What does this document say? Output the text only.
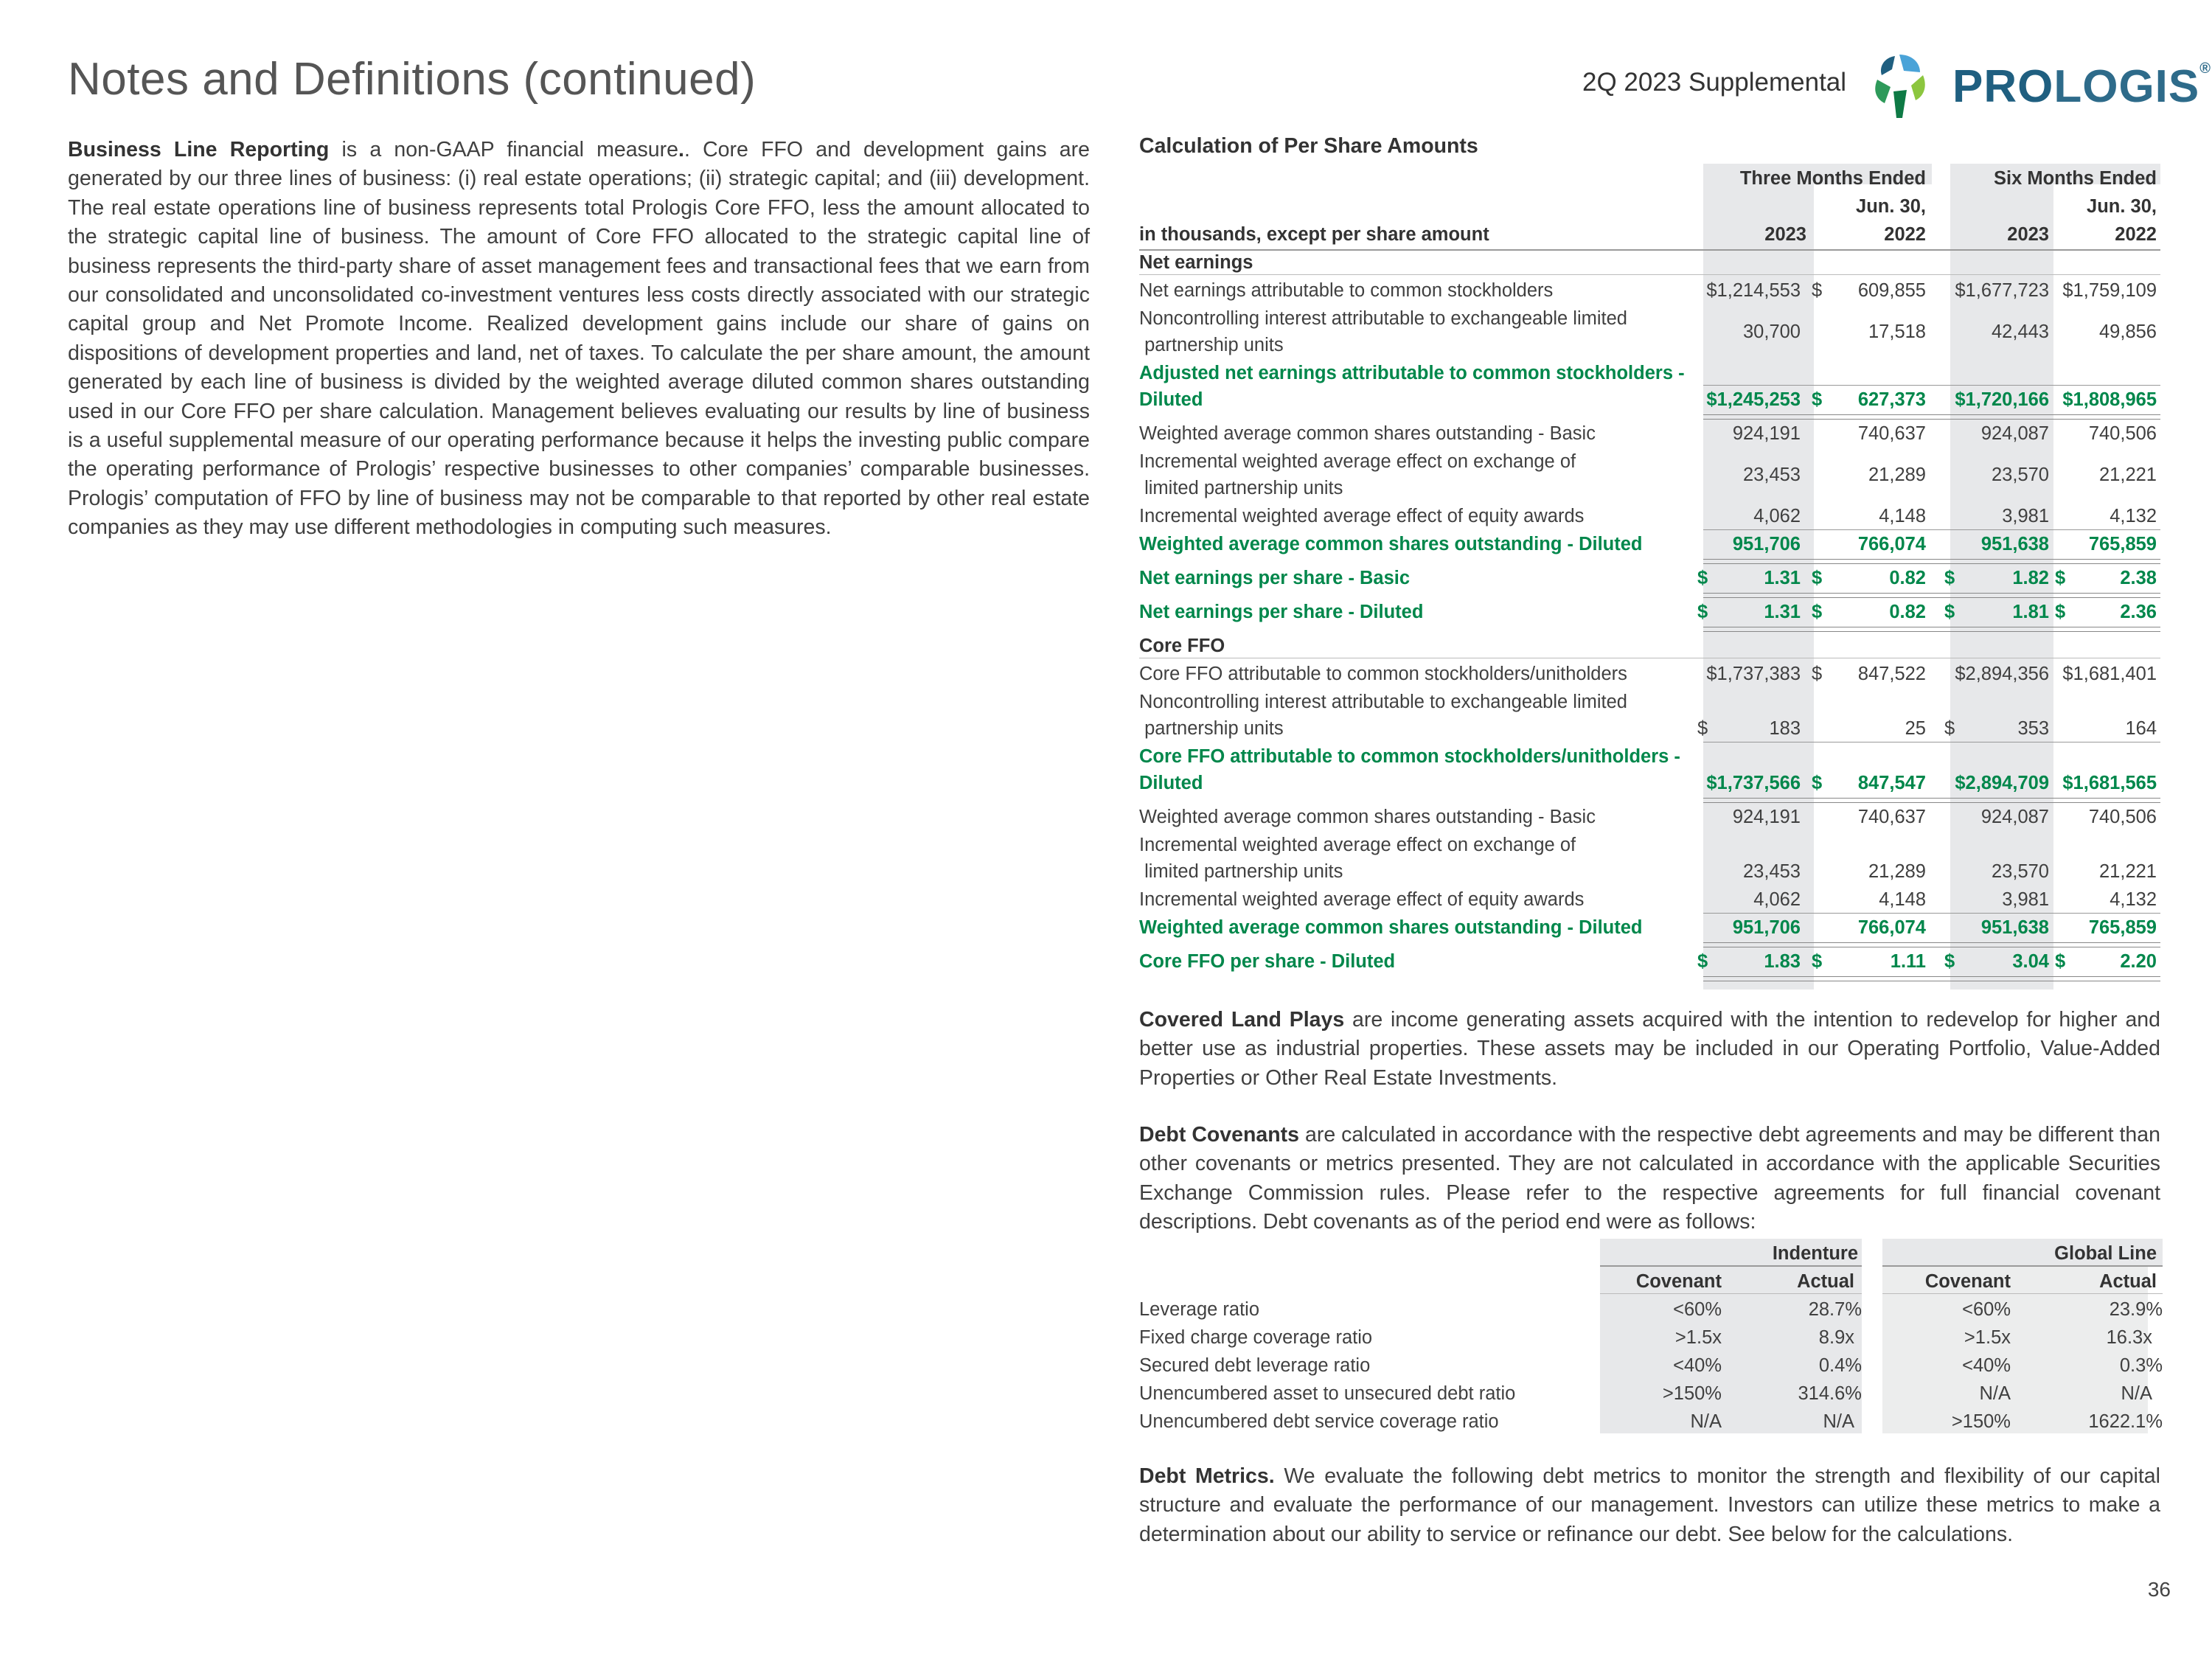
Notes and Definitions (continued)	2Q 2023 Supplemental PROLOGIS®
Business Line Reporting is a non-GAAP financial measure.. Core FFO and development gains are generated by our three lines of business: (i) real estate operations; (ii) strategic capital; and (iii) development. The real estate operations line of business represents total Prologis Core FFO, less the amount allocated to the strategic capital line of business. The amount of Core FFO allocated to the strategic capital line of business represents the third-party share of asset management fees and transactional fees that we earn from our consolidated and unconsolidated co-investment ventures less costs directly associated with our strategic capital group and Net Promote Income. Realized development gains include our share of gains on dispositions of development properties and land, net of taxes. To calculate the per share amount, the amount generated by each line of business is divided by the weighted average diluted common shares outstanding used in our Core FFO per share calculation. Management believes evaluating our results by line of business is a useful supplemental measure of our operating performance because it helps the investing public compare the operating performance of Prologis’ respective businesses to other companies’ comparable businesses. Prologis’ computation of FFO by line of business may not be comparable to that reported by other real estate companies as they may use different methodologies in computing such measures.
Calculation of Per Share Amounts
Three Months Ended	Six Months Ended
Jun. 30,	Jun. 30,
in thousands, except per share amount	2023	2022	2023	2022
Net earnings
Net earnings attributable to common stockholders	$1,214,553 $	609,855	$1,677,723 $1,759,109
Noncontrolling interest attributable to exchangeable limited
partnership units
30,700	17,518	42,443	49,856
Adjusted net earnings attributable to common stockholders -
Diluted	$1,245,253 $	627,373	$1,720,166 $1,808,965
Weighted average common shares outstanding - Basic	924,191	740,637	924,087	740,506
Incremental weighted average effect on exchange of
limited partnership units
23,453	21,289	23,570	21,221
Incremental weighted average effect of equity awards	4,062	4,148	3,981	4,132
Weighted average common shares outstanding - Diluted	951,706	766,074	951,638	765,859
Net earnings per share - Basic	$	1.31 $	0.82 $	1.82 $	2.38
Net earnings per share - Diluted	$	1.31 $	0.82 $	1.81 $	2.36
Core FFO
Core FFO attributable to common stockholders/unitholders	$1,737,383 $	847,522	$2,894,356 $1,681,401
Noncontrolling interest attributable to exchangeable limited
partnership units	$	183	25 $	353	164
Core FFO attributable to common stockholders/unitholders -
Diluted	$1,737,566 $	847,547	$2,894,709 $1,681,565
Weighted average common shares outstanding - Basic	924,191	740,637	924,087	740,506
Incremental weighted average effect on exchange of
limited partnership units	23,453	21,289	23,570	21,221
Incremental weighted average effect of equity awards	4,062	4,148	3,981	4,132
Weighted average common shares outstanding - Diluted	951,706	766,074	951,638	765,859
Core FFO per share - Diluted	$	1.83 $	1.11 $	3.04 $	2.20
Covered Land Plays are income generating assets acquired with the intention to redevelop for higher and better use as industrial properties. These assets may be included in our Operating Portfolio, Value-Added Properties or Other Real Estate Investments.
Debt Covenants are calculated in accordance with the respective debt agreements and may be different than other covenants or metrics presented. They are not calculated in accordance with the applicable Securities Exchange Commission rules. Please refer to the respective agreements for full financial covenant descriptions. Debt covenants as of the period end were as follows:
Indenture	Global Line
Covenant	Actual	Covenant	Actual
Leverage ratio	<60%	28.7%	<60%	23.9%
Fixed charge coverage ratio	>1.5x	8.9x	>1.5x	16.3x
Secured debt leverage ratio	<40%	0.4%	<40%	0.3%
Unencumbered asset to unsecured debt ratio	>150%	314.6%	N/A	N/A
Unencumbered debt service coverage ratio	N/A	N/A	>150%	1622.1%
Debt Metrics. We evaluate the following debt metrics to monitor the strength and flexibility of our capital structure and evaluate the performance of our management. Investors can utilize these metrics to make a determination about our ability to service or refinance our debt. See below for the calculations.
36
